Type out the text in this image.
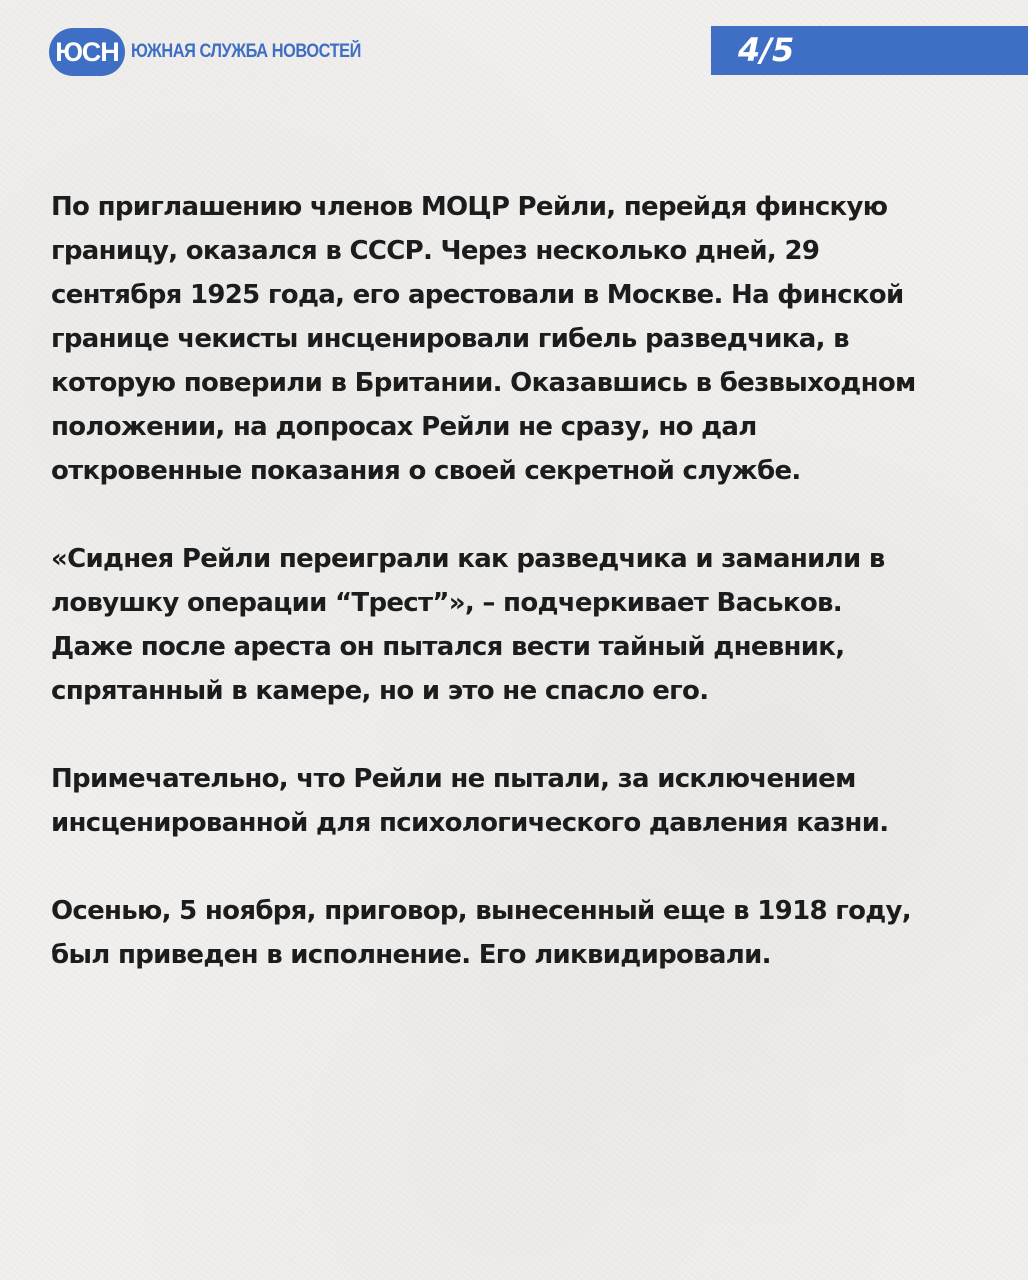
ЮСН ЮЖНАЯ СЛУЖБА НОВОСТЕЙ	4/5

По приглашению членов МОЦР Рейли, перейдя финскую
границу, оказался в СССР. Через несколько дней, 29
сентября 1925 года, его арестовали в Москве. На финской
границе чекисты инсценировали гибель разведчика, в
которую поверили в Британии. Оказавшись в безвыходном
положении, на допросах Рейли не сразу, но дал
откровенные показания о своей секретной службе.

«Сиднея Рейли переиграли как разведчика и заманили в
ловушку операции “Трест”», – подчеркивает Васьков.
Даже после ареста он пытался вести тайный дневник,
спрятанный в камере, но и это не спасло его.

Примечательно, что Рейли не пытали, за исключением
инсценированной для психологического давления казни.

Осенью, 5 ноября, приговор, вынесенный еще в 1918 году,
был приведен в исполнение. Его ликвидировали.
